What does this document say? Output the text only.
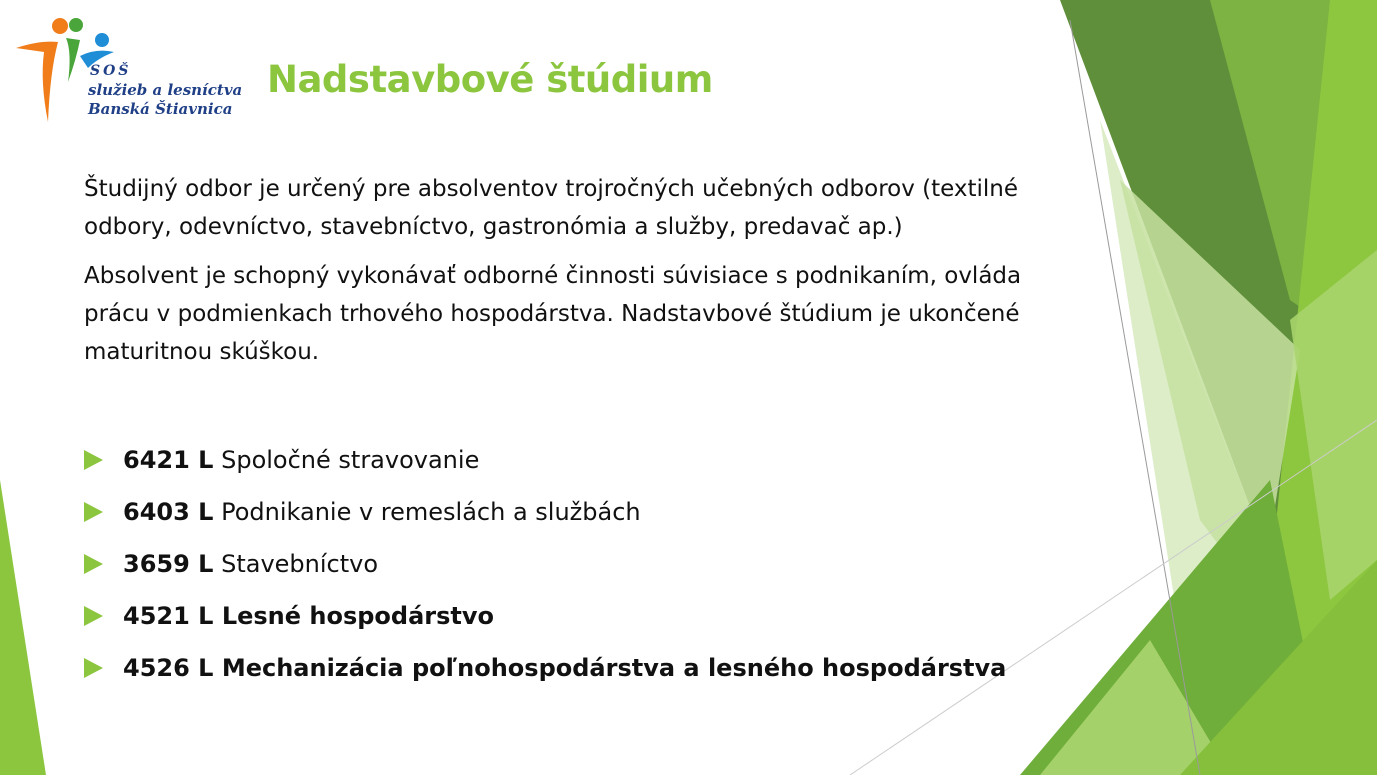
SOŠ
služieb a lesníctva
Banská Štiavnica
Nadstavbové štúdium

Študijný odbor je určený pre absolventov trojročných učebných odborov (textilné odbory, odevníctvo, stavebníctvo, gastronómia a služby, predavač ap.)

Absolvent je schopný vykonávať odborné činnosti súvisiace s podnikaním, ovláda prácu v podmienkach trhového hospodárstva. Nadstavbové štúdium je ukončené maturitnou skúškou.

6421 L
Spoločné stravovanie
6403 L
Podnikanie v remeslách a službách
3659 L
Stavebníctvo
4521 L
Lesné hospodárstvo
4526 L
Mechanizácia poľnohospodárstva a lesného hospodárstva
